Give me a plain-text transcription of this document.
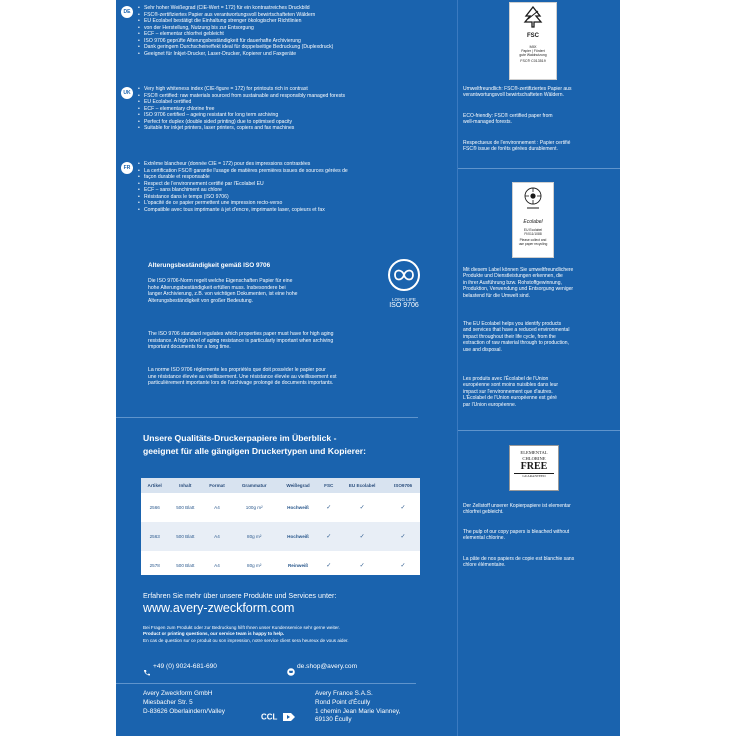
DE
• Sehr hoher Weißegrad (CIE-Wert = 172) für ein kontrastreiches Druckbild
• FSC®-zertifiziertes Papier aus verantwortungsvoll bewirtschafteten Wäldern
• EU Ecolabel bestätigt die Einhaltung strenger ökologischer Richtlinien
• von der Herstellung, Nutzung bis zur Entsorgung
• ECF – elementar chlorfrei gebleicht
• ISO 9706 geprüfte Alterungsbeständigkeit für dauerhafte Archivierung
• Dank geringem Durchscheineffekt ideal für doppelseitige Bedruckung (Duplexdruck)
• Geeignet für Inkjet-Drucker, Laser-Drucker, Kopierer und Faxgeräte
UK
• Very high whiteness index (CIE-figure = 172) for printouts rich in contrast
• FSC® certified: raw materials sourced from sustainable and responsibly managed forests
• EU Ecolabel certified
• ECF – elementary chlorine free
• ISO 9706 certified – ageing resistant for long term archiving
• Perfect for duplex (double sided printing) due to optimised opacity
• Suitable for inkjet printers, laser printers, copiers and fax machines
FR
• Extrême blancheur (donnée CIE = 172) pour des impressions contrastées
• La certification FSC® garantie l'usage de matières premières issues de sources gérées de
• façon durable et responsable
• Respect de l'environnement certifié par l'Ecolabel EU
• ECF – sans blanchiment au chlore
• Résistance dans le temps (ISO 9706)
• L'opacité de ce papier permettent une impression recto-verso
• Compatible avec tous imprimante à jet d'encre, imprimante laser, copieurs et fax

Alterungsbeständigkeit gemäß ISO 9706

LONG LIFE
ISO 9706
Die ISO 9706-Norm regelt welche Eigenschaften Papier für eine
hohe Alterungsbeständigkeit erfüllen muss. Insbesondere bei
langer Archivierung, z.B. von wichtigen Dokumenten, ist eine hohe
Alterungsbeständigkeit von großer Bedeutung.
The ISO 9706 standard regulates which properties paper must have for high aging
resistance. A high level of aging resistance is particularly important when archiving
important documents for a long time.
La norme ISO 9706 réglemente les propriétés que doit posséder le papier pour
une résistance élevée au vieillissement. Une résistance élevée au vieillissement est
particulièrement importante lors de l'archivage prolongé de documents importants.

Unsere Qualitäts-Druckerpapiere im Überblick -

geeignet für alle gängigen Druckertypen und Kopierer:

Artikel	Inhalt	Format	Grammatur	Weißegrad	FSC	EU Ecolabel	ISO9706
2566	500 Blatt	A4	100g m²	Hochweiß	✓	✓	✓
2563	500 Blatt	A4	80g m²	Hochweiß	✓	✓	✓
2578	500 Blatt	A4	80g m²	Reinweiß	✓	✓	✓

Erfahren Sie mehr über unsere Produkte und Services unter:

www.avery-zweckform.com

Bei Fragen zum Produkt oder zur Bedruckung hilft Ihnen unser Kundenservice sehr gerne weiter.
Product or printing questions, our service team is happy to help.
En cas de question sur ce produit ou son impression, notre service client sera heureux de vous aider.

+49 (0) 9024-681-690	de.shop@avery.com

Avery Zweckform GmbH
Miesbacher Str. 5
D-83626 Oberlaindern/Valley
CCL
Avery France S.A.S.
Rond Point d'Écully
1 chemin Jean Marie Vianney,
69130 Écully
FSC
MIX
Papier | Fördert
gute Waldnutzung
FSC® C013519
Umweltfreundlich: FSC®-zertifiziertes Papier aus
verantwortungsvoll bewirtschafteten Wäldern.
ECO-friendly: FSC® certified paper from
well-managed forests.
Respectueux de l'environnement : Papier certifié
FSC® issue de forêts gérées durablement.
Ecolabel
EU Ecolabel
FI/011/1088
Please collect and
use paper recycling
Mit diesem Label können Sie umweltfreundlichere
Produkte und Dienstleistungen erkennen, die
in ihrer Ausführung bzw. Rohstoffgewinnung,
Produktion, Verwendung und Entsorgung weniger
belastend für die Umwelt sind.
The EU Ecolabel helps you identify products
and services that have a reduced environmental
impact throughout their life cycle, from the
extraction of raw material through to production,
use and disposal.
Les produits avec l'Écolabel de l'Union
européenne sont moins nuisibles dans leur
impact sur l'environnement que d'autres.
L'Écolabel de l'Union européenne est géré
par l'Union européenne.
ELEMENTAL
CHLORINE
FREE
GUARANTEED
Der Zellstoff unserer Kopierpapiere ist elementar
chlorfrei gebleicht.
The pulp of our copy papers is bleached without
elemental chlorine.
La pâte de nos papiers de copie est blanchie sans
chlore élémentaire.
